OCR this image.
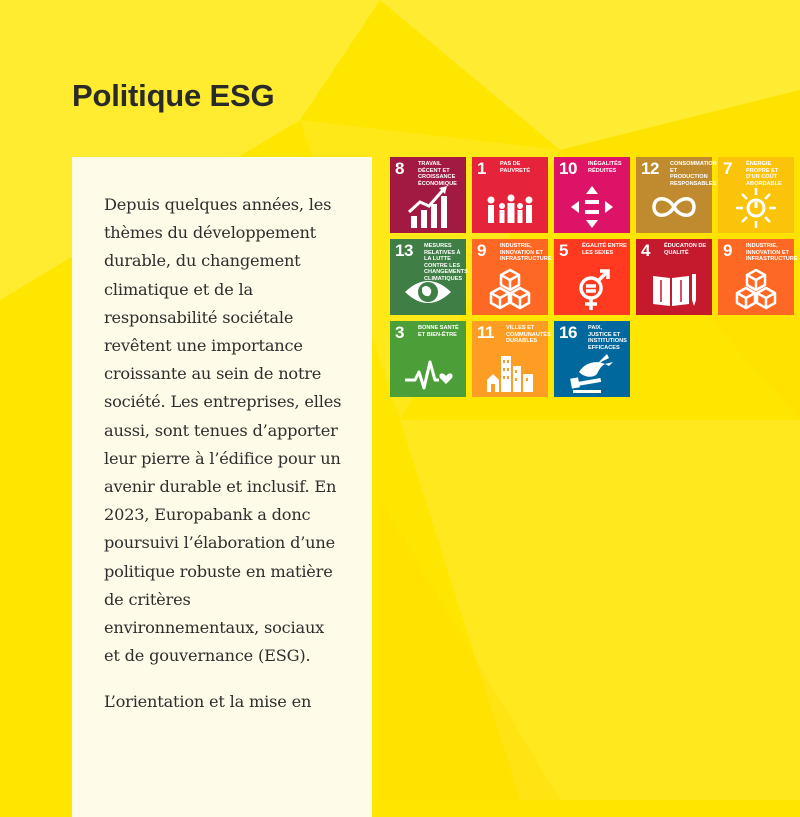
Politique ESG

Depuis quelques années, les thèmes du développement durable, du changement climatique et de la responsabilité sociétale revêtent une importance croissante au sein de notre société. Les entreprises, elles aussi, sont tenues d’apporter leur pierre à l’édifice pour un avenir durable et inclusif. En 2023, Europabank a donc poursuivi l’élaboration d’une politique robuste en matière de critères environnementaux, sociaux et de gouvernance (ESG).

L’orientation et la mise en

8	TRAVAIL DÉCENT ET CROISSANCE ÉCONOMIQUE
1	PAS DE PAUVRETÉ	10 INÉGALITÉS RÉDUITES	12 CONSOMMATION ET PRODUCTION RESPONSABLES
7	ÉNERGIE PROPRE ET D’UN COÛT ABORDABLE
13 MESURES RELATIVES À LA LUTTE CONTRE LES CHANGEMENTS CLIMATIQUES
9	INDUSTRIE, INNOVATION ET INFRASTRUCTURE 5	ÉGALITÉ ENTRE LES SEXES	4	ÉDUCATION DE QUALITÉ	9	INDUSTRIE, INNOVATION ET INFRASTRUCTURE
3	BONNE SANTÉ ET BIEN-ÊTRE	11 VILLES ET COMMUNAUTÉS DURABLES	16 PAIX, JUSTICE ET INSTITUTIONS EFFICACES
